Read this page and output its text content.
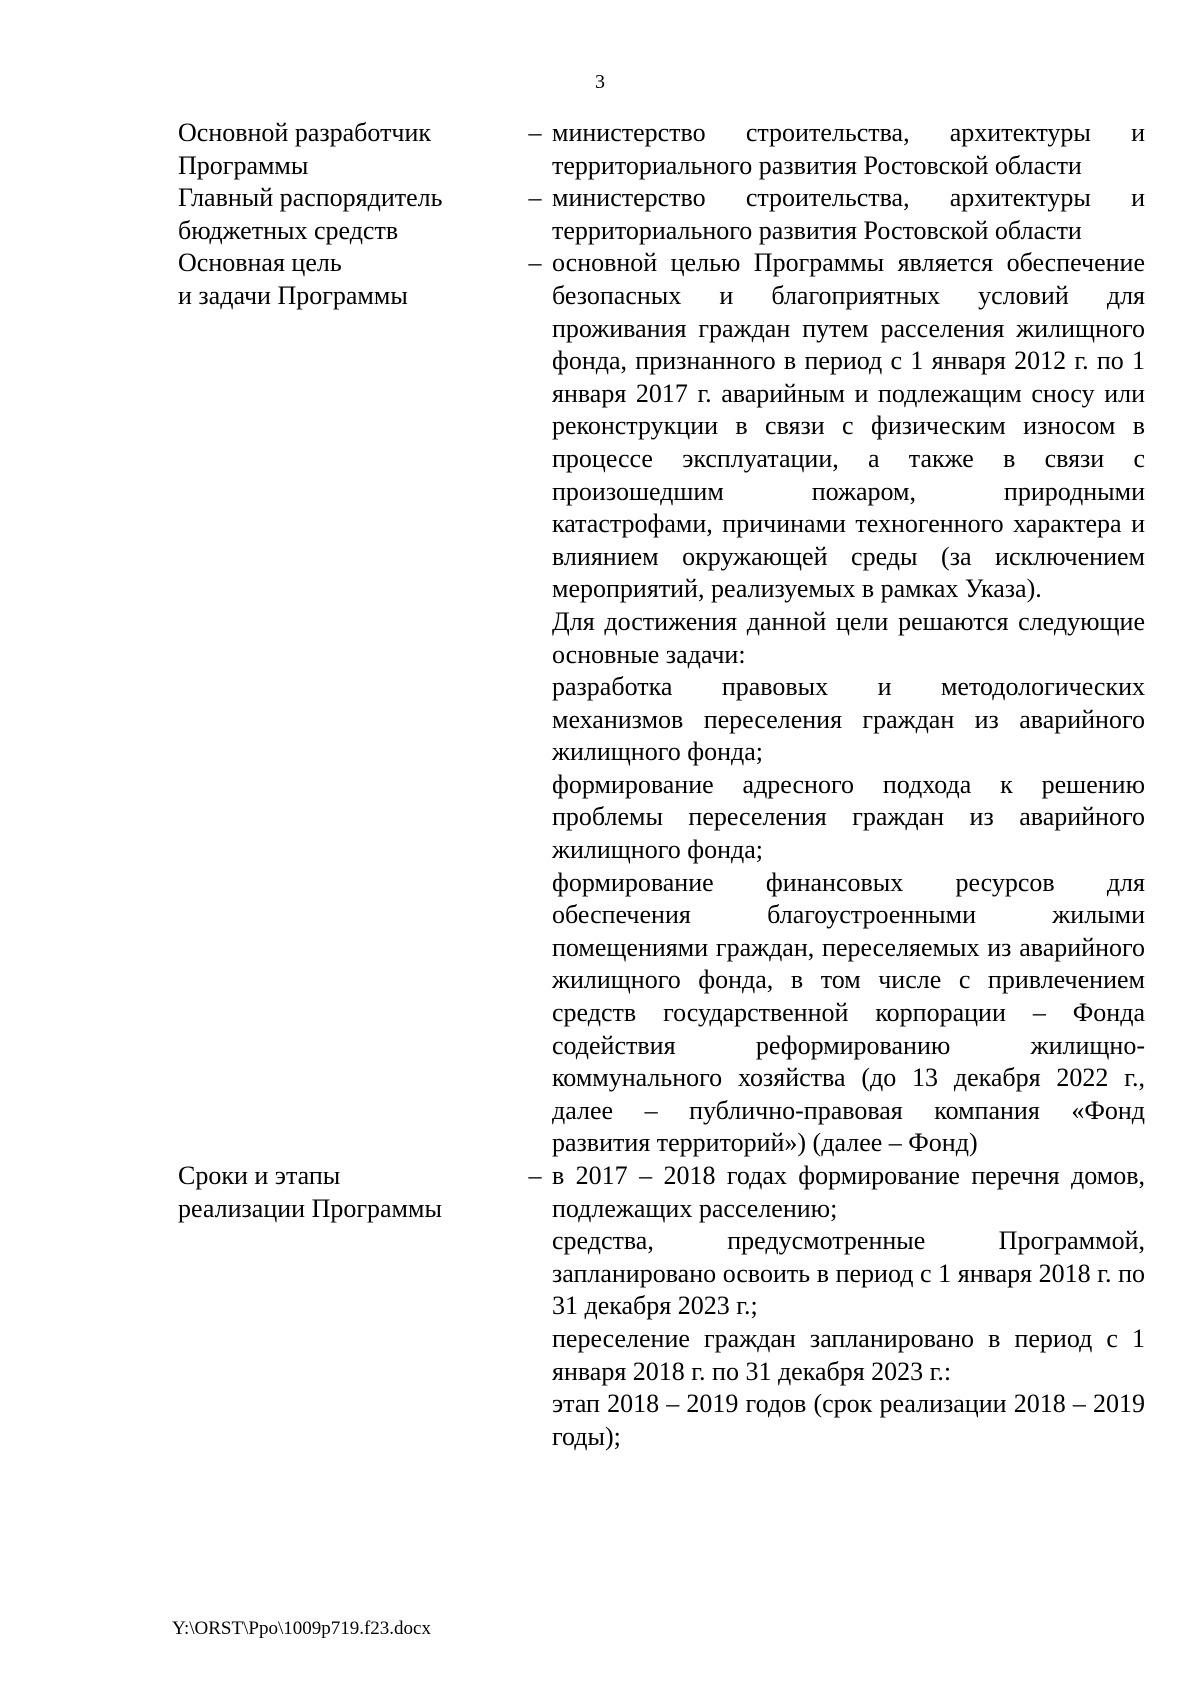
3
Основной разработчик
Программы
– министерство строительства, архитектуры и территориального развития Ростовской области
Главный распорядитель
бюджетных средств
– министерство строительства, архитектуры и территориального развития Ростовской области
Основная цель
и задачи Программы
– основной целью Программы является обеспечение безопасных и благоприятных условий для проживания граждан путем расселения жилищного фонда, признанного в период с 1 января 2012 г. по 1 января 2017 г. аварийным и подлежащим сносу или реконструкции в связи с физическим износом в процессе эксплуатации, а также в связи с произошедшим пожаром, природными катастрофами, причинами техногенного характера и влиянием окружающей среды (за исключением мероприятий, реализуемых в рамках Указа).
Для достижения данной цели решаются следующие основные задачи:
разработка правовых и методологических механизмов переселения граждан из аварийного жилищного фонда;
формирование адресного подхода к решению проблемы переселения граждан из аварийного жилищного фонда;
формирование финансовых ресурсов для обеспечения благоустроенными жилыми помещениями граждан, переселяемых из аварийного жилищного фонда, в том числе с привлечением средств государственной корпорации – Фонда содействия реформированию жилищно-коммунального хозяйства (до 13 декабря 2022 г., далее – публично-правовая компания «Фонд развития территорий») (далее – Фонд)
Сроки и этапы
реализации Программы
– в 2017 – 2018 годах формирование перечня домов, подлежащих расселению;
средства, предусмотренные Программой, запланировано освоить в период с 1 января 2018 г. по 31 декабря 2023 г.;
переселение граждан запланировано в период с 1 января 2018 г. по 31 декабря 2023 г.:
этап 2018 – 2019 годов (срок реализации 2018 – 2019 годы);
Y:\ORST\Ppo\1009p719.f23.docx
